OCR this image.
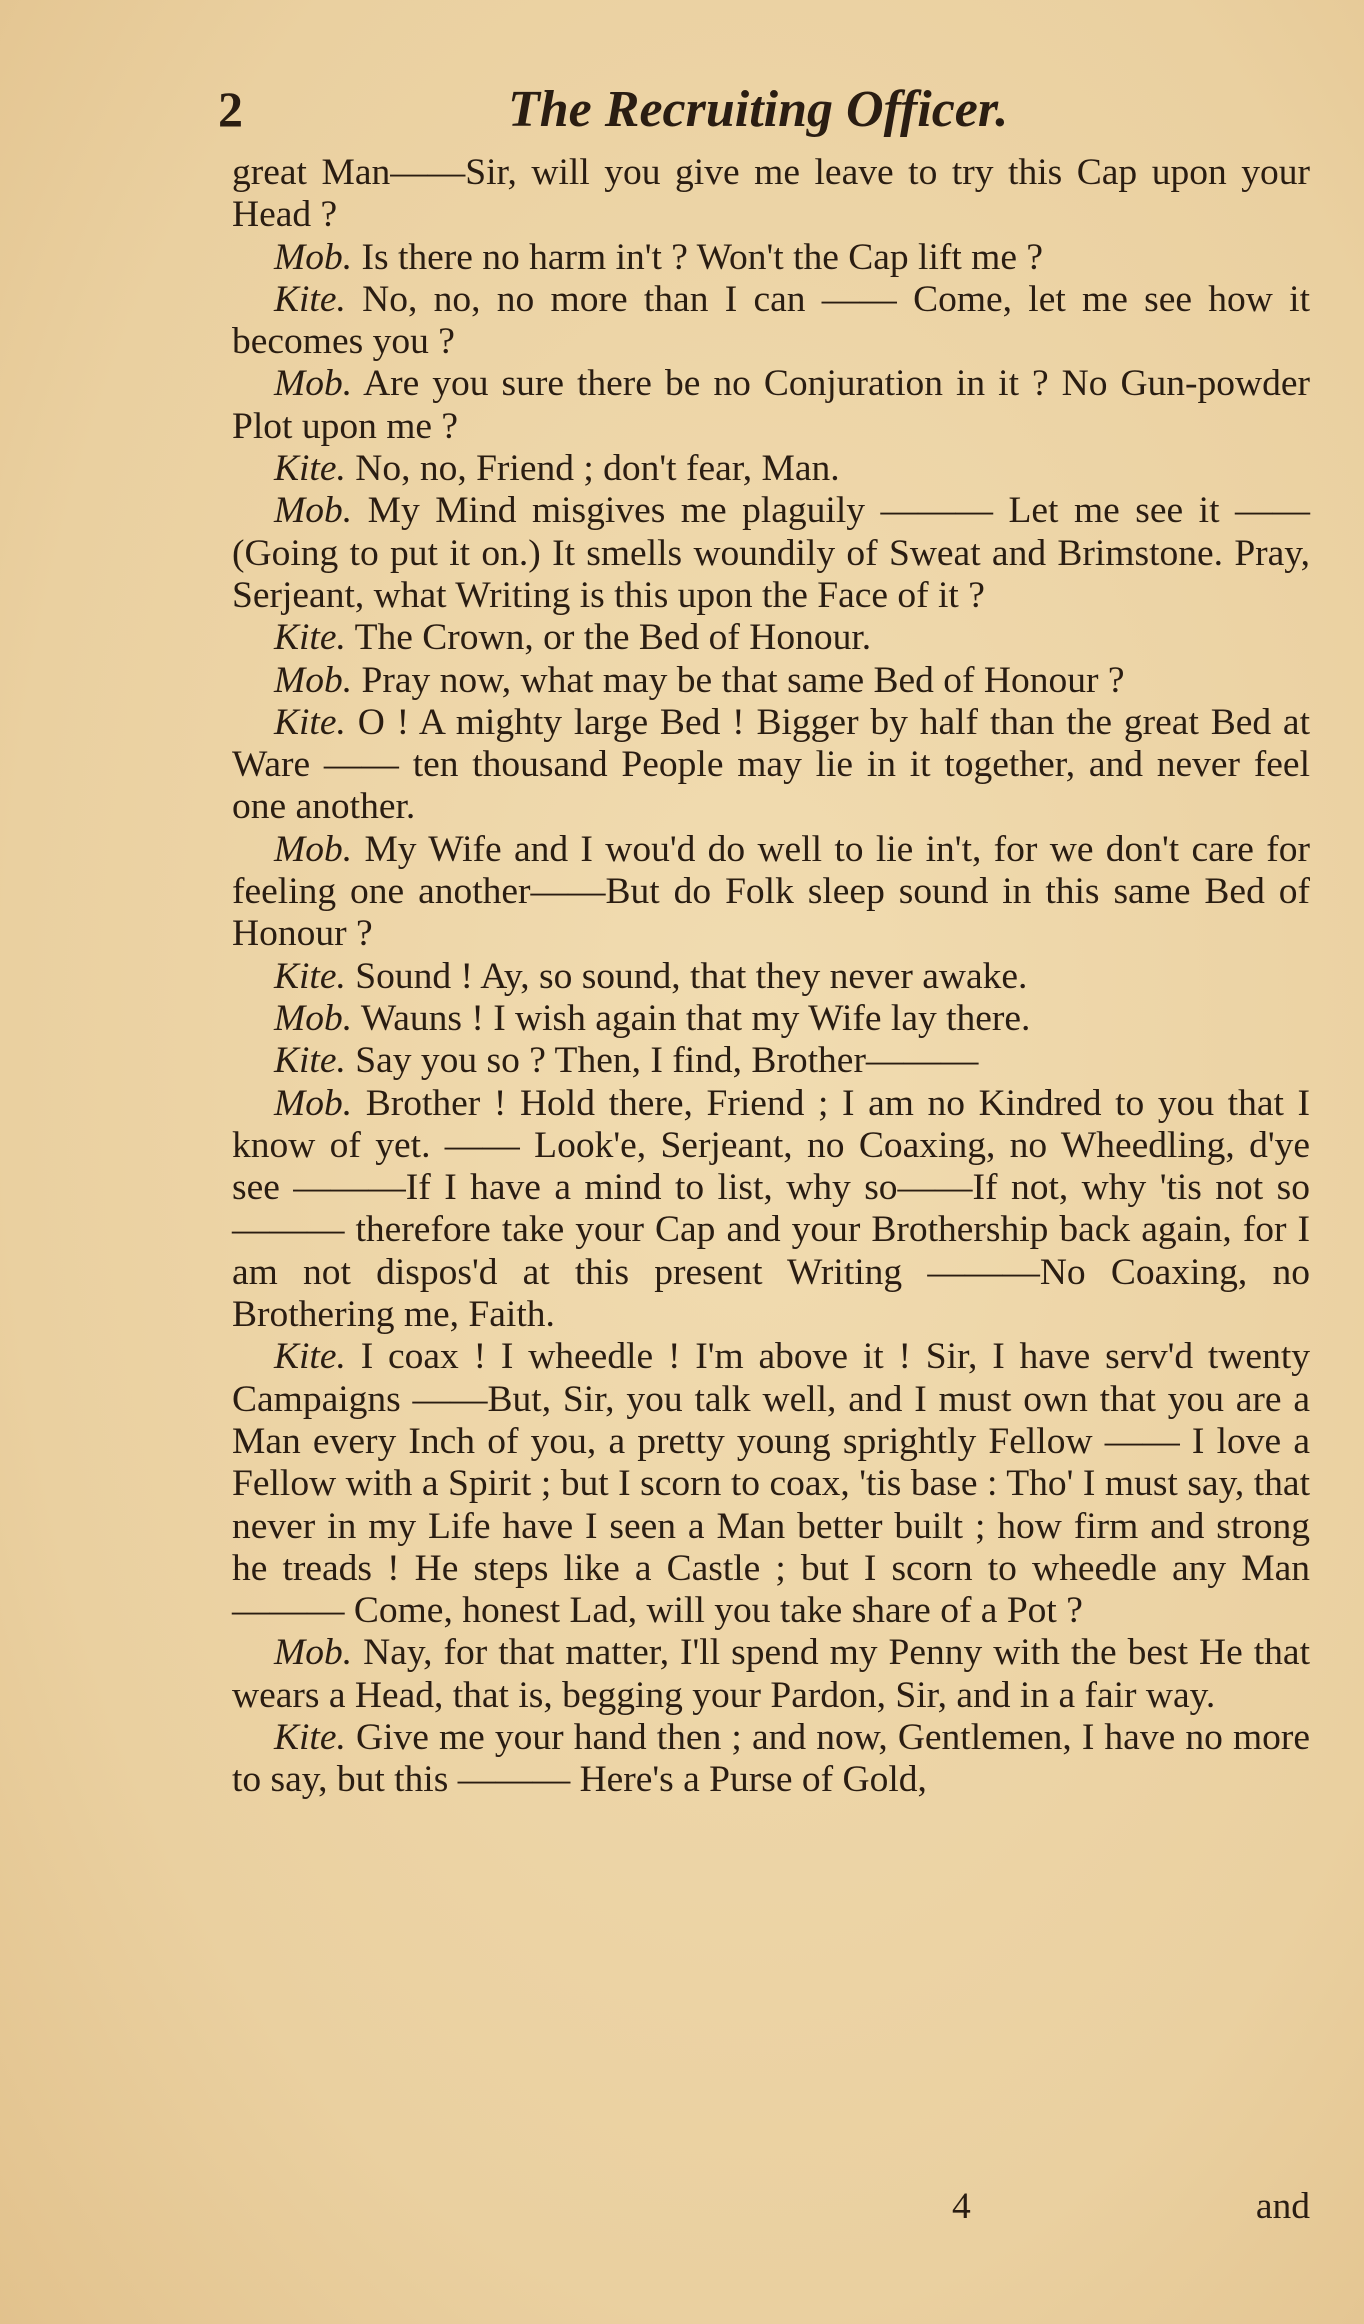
2	The Recruiting Officer.

great Man——Sir, will you give me leave to try this Cap upon your Head ?

Mob. Is there no harm in't ? Won't the Cap lift me ?

Kite. No, no, no more than I can —— Come, let me see how it becomes you ?

Mob. Are you sure there be no Conjuration in it ? No Gun-powder Plot upon me ?

Kite. No, no, Friend ; don't fear, Man.

Mob. My Mind misgives me plaguily ——— Let me see it ——(Going to put it on.) It smells woundily of Sweat and Brimstone. Pray, Serjeant, what Writing is this upon the Face of it ?

Kite. The Crown, or the Bed of Honour.

Mob. Pray now, what may be that same Bed of Honour ?

Kite. O ! A mighty large Bed ! Bigger by half than the great Bed at Ware —— ten thousand People may lie in it together, and never feel one another.

Mob. My Wife and I wou'd do well to lie in't, for we don't care for feeling one another——But do Folk sleep sound in this same Bed of Honour ?

Kite. Sound ! Ay, so sound, that they never awake.

Mob. Wauns ! I wish again that my Wife lay there.

Kite. Say you so ? Then, I find, Brother———

Mob. Brother ! Hold there, Friend ; I am no Kindred to you that I know of yet. —— Look'e, Serjeant, no Coaxing, no Wheedling, d'ye see ———If I have a mind to list, why so——If not, why 'tis not so ——— therefore take your Cap and your Brothership back again, for I am not dispos'd at this present Writing ———No Coaxing, no Brothering me, Faith.

Kite. I coax ! I wheedle ! I'm above it ! Sir, I have serv'd twenty Campaigns ——But, Sir, you talk well, and I must own that you are a Man every Inch of you, a pretty young sprightly Fellow —— I love a Fellow with a Spirit ; but I scorn to coax, 'tis base : Tho' I must say, that never in my Life have I seen a Man better built ; how firm and strong he treads ! He steps like a Castle ; but I scorn to wheedle any Man ——— Come, honest Lad, will you take share of a Pot ?

Mob. Nay, for that matter, I'll spend my Penny with the best He that wears a Head, that is, begging your Pardon, Sir, and in a fair way.

Kite. Give me your hand then ; and now, Gentlemen, I have no more to say, but this ——— Here's a Purse of Gold,

4	and
